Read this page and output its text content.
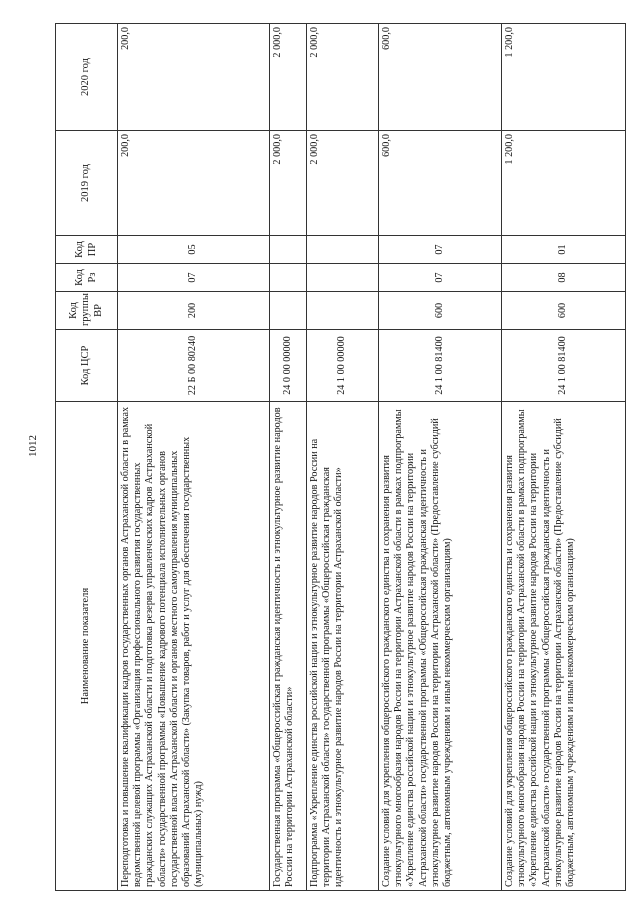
1012
Наименование показателя	Код ЦСР	Код группы ВР	Код Рз	Код ПР	2019 год	2020 год
Переподготовка и повышение квалификации кадров государственных органов Астраханской области в рамках ведомственной целевой программы «Организация профессионального развития государственных гражданских служащих Астраханской области и подготовка резерва управленческих кадров Астраханской области» государственной программы «Повышение кадрового потенциала исполнительных органов государственной власти Астраханской области и органов местного самоуправления муниципальных образований Астраханской области» (Закупка товаров, работ и услуг для обеспечения государственных (муниципальных) нужд)	22 Б 00 80240	200	07	05	200,0	200,0
Государственная программа «Общероссийская гражданская идентичность и этнокультурное развитие народов России на территории Астраханской области»	24 0 00 00000				2 000,0	2 000,0
Подпрограмма «Укрепление единства российской нации и этнокультурное развитие народов России на территории Астраханской области» государственной программы «Общероссийская гражданская идентичность и этнокультурное развитие народов России на территории Астраханской области»	24 1 00 00000				2 000,0	2 000,0
Создание условий для укрепления общероссийского гражданского единства и сохранения развития этнокультурного многообразия народов России на территории Астраханской области в рамках подпрограммы «Укрепление единства российской нации и этнокультурное развитие народов России на территории Астраханской области» государственной программы «Общероссийская гражданская идентичность и этнокультурное развитие народов России на территории Астраханской области» (Предоставление субсидий бюджетным, автономным учреждениям и иным некоммерческим организациям)	24 1 00 81400	600	07	07	600,0	600,0
Создание условий для укрепления общероссийского гражданского единства и сохранения развития этнокультурного многообразия народов России на территории Астраханской области в рамках подпрограммы «Укрепление единства российской нации и этнокультурное развитие народов России на территории Астраханской области» государственной программы «Общероссийская гражданская идентичность и этнокультурное развитие народов России на территории Астраханской области» (Предоставление субсидий бюджетным, автономным учреждениям и иным некоммерческим организациям)	24 1 00 81400	600	08	01	1 200,0	1 200,0
